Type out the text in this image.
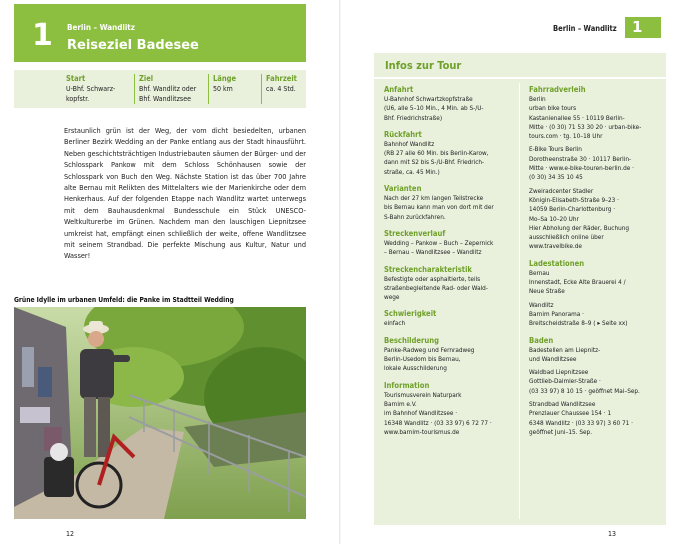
1 Berlin – Wandlitz
Reiseziel Badesee
Start
U-Bhf. Schwarz-
kopfstr.
Ziel
Bhf. Wandlitz oder
Bhf. Wandlitzsee
Länge
50 km
Fahrzeit
ca. 4 Std.

Erstaunlich grün ist der Weg, der vom dicht besiedelten, urbanen Berliner Bezirk Wedding an der Panke entlang aus der Stadt hinausführt. Neben geschichtsträchtigen Industriebauten säumen der Bürger- und der Schlosspark Pankow mit dem Schloss Schönhausen sowie der Schlosspark von Buch den Weg. Nächste Station ist das über 700 Jahre alte Bernau mit Relikten des Mittelalters wie der Marienkirche oder dem Henkerhaus. Auf der folgenden Etappe nach Wandlitz wartet unterwegs mit dem Bauhausdenkmal Bundesschule ein Stück UNESCO-Weltkulturerbe im Grünen. Nachdem man den lauschigen Liepnitzsee umkreist hat, empfängt einen schließlich der weite, offene Wandlitzsee mit seinem Strandbad. Die perfekte Mischung aus Kultur, Natur und Wasser!

Grüne Idylle im urbanen Umfeld: die Panke im Stadtteil Wedding
12
Berlin – Wandlitz	1
Infos zur Tour
Anfahrt

U-Bahnhof Schwartzkopfstraße
(U6, alle 5–10 Min., 4 Min. ab S-/U-
Bhf. Friedrichstraße)

Rückfahrt

Bahnhof Wandlitz
(RB 27 alle 60 Min. bis Berlin-Karow,
dann mit S2 bis S-/U-Bhf. Friedrich-
straße, ca. 45 Min.)

Varianten

Nach der 27 km langen Teilstrecke
bis Bernau kann man von dort mit der
S-Bahn zurückfahren.

Streckenverlauf

Wedding – Pankow – Buch – Zepernick
– Bernau – Wandlitzsee – Wandlitz

Streckencharakteristik

Befestigte oder asphaltierte, teils
straßenbegleitende Rad- oder Wald-
wege

Schwierigkeit

einfach

Beschilderung

Panke-Radweg und Fernradweg
Berlin-Usedom bis Bernau,
lokale Ausschilderung

Information

Tourismusverein Naturpark
Barnim e.V.
im Bahnhof Wandlitzsee ·
16348 Wandlitz · (03 33 97) 6 72 77 ·
www.barnim-tourismus.de

Fahrradverleih

Berlin
urban bike tours
Kastanienallee 55 · 10119 Berlin-
Mitte · (0 30) 71 53 30 20 · urban-bike-
tours.com · tg. 10–18 Uhr

E-Bike Tours Berlin
Dorotheenstraße 30 · 10117 Berlin-
Mitte · www.e-bike-touren-berlin.de ·
(0 30) 34 35 10 45

Zweiradcenter Stadler
Königin-Elisabeth-Straße 9–23 ·
14059 Berlin-Charlottenburg ·
Mo–Sa 10–20 Uhr
Hier Abholung der Räder, Buchung
ausschließlich online über
www.travelbike.de

Ladestationen

Bernau
Innenstadt, Ecke Alte Brauerei 4 /
Neue Straße

Wandlitz
Barnim Panorama ·
Breitscheidstraße 8–9 ( ▸ Seite xx)

Baden

Badestellen am Liepnitz-
und Wandlitzsee

Waldbad Liepnitzsee
Gottlieb-Daimler-Straße ·
(03 33 97) 8 10 15 · geöffnet Mai–Sep.

Strandbad Wandlitzsee
Prenzlauer Chaussee 154 · 1
6348 Wandlitz · (03 33 97) 3 60 71 ·
geöffnet Juni–15. Sep.

13
